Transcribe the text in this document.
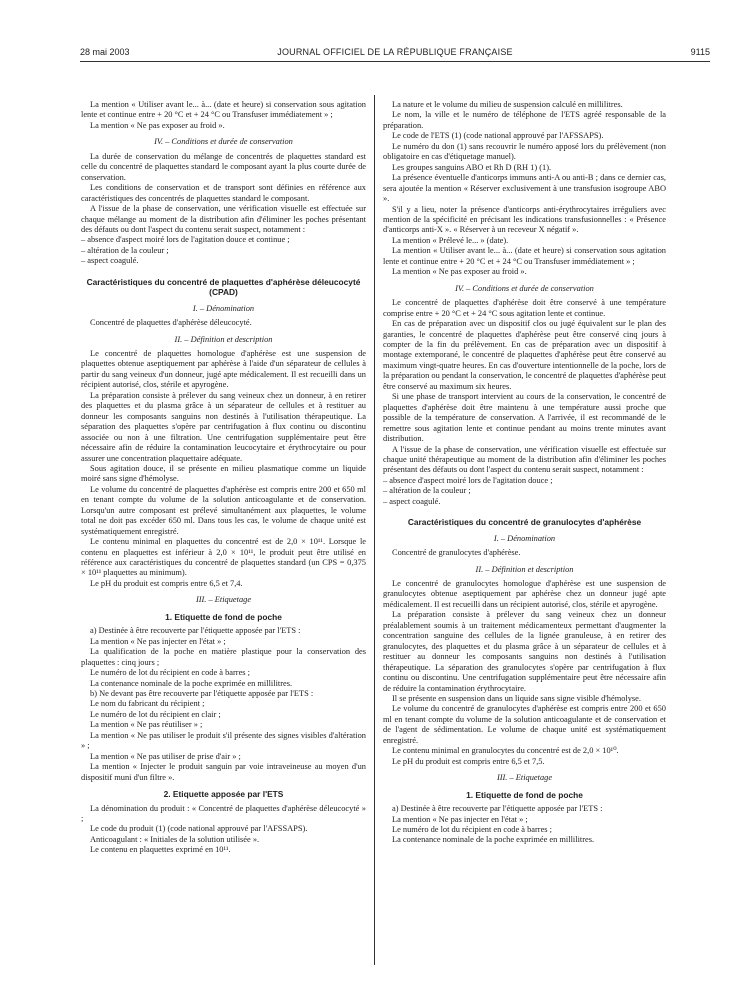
28 mai 2003	JOURNAL OFFICIEL DE LA RÉPUBLIQUE FRANÇAISE	9115

La mention « Utiliser avant le... à... (date et heure) si conservation sous agitation lente et continue entre + 20 °C et + 24 °C ou Transfuser immédiatement » ;

La mention « Ne pas exposer au froid ».

IV. – Conditions et durée de conservation

La durée de conservation du mélange de concentrés de plaquettes standard est celle du concentré de plaquettes standard le composant ayant la plus courte durée de conservation.

Les conditions de conservation et de transport sont définies en référence aux caractéristiques des concentrés de plaquettes standard le composant.

A l'issue de la phase de conservation, une vérification visuelle est effectuée sur chaque mélange au moment de la distribution afin d'éliminer les poches présentant des défauts ou dont l'aspect du contenu serait suspect, notamment :

– absence d'aspect moiré lors de l'agitation douce et continue ;

– altération de la couleur ;

– aspect coagulé.

Caractéristiques du concentré de plaquettes d'aphérèse déleucocyté (CPAD)
I. – Dénomination

Concentré de plaquettes d'aphérèse déleucocyté.

II. – Définition et description

Le concentré de plaquettes homologue d'aphérèse est une suspension de plaquettes obtenue aseptiquement par aphérèse à l'aide d'un séparateur de cellules à partir du sang veineux d'un donneur, jugé apte médicalement. Il est recueilli dans un récipient autorisé, clos, stérile et apyrogène.

La préparation consiste à prélever du sang veineux chez un donneur, à en retirer des plaquettes et du plasma grâce à un séparateur de cellules et à restituer au donneur les composants sanguins non destinés à l'utilisation thérapeutique. La séparation des plaquettes s'opère par centrifugation à flux continu ou discontinu associée ou non à une filtration. Une centrifugation supplémentaire peut être nécessaire afin de réduire la contamination leucocytaire et érythrocytaire ou pour assurer une concentration plaquettaire adéquate.

Sous agitation douce, il se présente en milieu plasmatique comme un liquide moiré sans signe d'hémolyse.

Le volume du concentré de plaquettes d'aphérèse est compris entre 200 et 650 ml en tenant compte du volume de la solution anticoagulante et de conservation. Lorsqu'un autre composant est prélevé simultanément aux plaquettes, le volume total ne doit pas excéder 650 ml. Dans tous les cas, le volume de chaque unité est systématiquement enregistré.

Le contenu minimal en plaquettes du concentré est de 2,0 × 10¹¹. Lorsque le contenu en plaquettes est inférieur à 2,0 × 10¹¹, le produit peut être utilisé en référence aux caractéristiques du concentré de plaquettes standard (un CPS = 0,375 × 10¹¹ plaquettes au minimum).

Le pH du produit est compris entre 6,5 et 7,4.

III. – Etiquetage
1. Etiquette de fond de poche

a) Destinée à être recouverte par l'étiquette apposée par l'ETS :

La mention « Ne pas injecter en l'état » ;

La qualification de la poche en matière plastique pour la conservation des plaquettes : cinq jours ;

Le numéro de lot du récipient en code à barres ;

La contenance nominale de la poche exprimée en millilitres.

b) Ne devant pas être recouverte par l'étiquette apposée par l'ETS :

Le nom du fabricant du récipient ;

Le numéro de lot du récipient en clair ;

La mention « Ne pas réutiliser » ;

La mention « Ne pas utiliser le produit s'il présente des signes visibles d'altération » ;

La mention « Ne pas utiliser de prise d'air » ;

La mention « Injecter le produit sanguin par voie intraveineuse au moyen d'un dispositif muni d'un filtre ».

2. Etiquette apposée par l'ETS

La dénomination du produit : « Concentré de plaquettes d'aphérèse déleucocyté » ;

Le code du produit (1) (code national approuvé par l'AFSSAPS).

Anticoagulant : « Initiales de la solution utilisée ».

Le contenu en plaquettes exprimé en 10¹¹.

La nature et le volume du milieu de suspension calculé en millilitres.

Le nom, la ville et le numéro de téléphone de l'ETS agréé responsable de la préparation.

Le code de l'ETS (1) (code national approuvé par l'AFSSAPS).

Le numéro du don (1) sans recouvrir le numéro apposé lors du prélèvement (non obligatoire en cas d'étiquetage manuel).

Les groupes sanguins ABO et Rh D (RH 1) (1).

La présence éventuelle d'anticorps immuns anti-A ou anti-B ; dans ce dernier cas, sera ajoutée la mention « Réserver exclusivement à une transfusion isogroupe ABO ».

S'il y a lieu, noter la présence d'anticorps anti-érythrocytaires irréguliers avec mention de la spécificité en précisant les indications transfusionnelles : « Présence d'anticorps anti-X ». « Réserver à un receveur X négatif ».

La mention « Prélevé le... » (date).

La mention « Utiliser avant le... à... (date et heure) si conservation sous agitation lente et continue entre + 20 °C et + 24 °C ou Transfuser immédiatement » ;

La mention « Ne pas exposer au froid ».

IV. – Conditions et durée de conservation

Le concentré de plaquettes d'aphérèse doit être conservé à une température comprise entre + 20 °C et + 24 °C sous agitation lente et continue.

En cas de préparation avec un dispositif clos ou jugé équivalent sur le plan des garanties, le concentré de plaquettes d'aphérèse peut être conservé cinq jours à compter de la fin du prélèvement. En cas de préparation avec un dispositif à montage extemporané, le concentré de plaquettes d'aphérèse peut être conservé au maximum vingt-quatre heures. En cas d'ouverture intentionnelle de la poche, lors de la préparation ou pendant la conservation, le concentré de plaquettes d'aphérèse peut être conservé au maximum six heures.

Si une phase de transport intervient au cours de la conservation, le concentré de plaquettes d'aphérèse doit être maintenu à une température aussi proche que possible de la température de conservation. A l'arrivée, il est recommandé de le remettre sous agitation lente et continue pendant au moins trente minutes avant distribution.

A l'issue de la phase de conservation, une vérification visuelle est effectuée sur chaque unité thérapeutique au moment de la distribution afin d'éliminer les poches présentant des défauts ou dont l'aspect du contenu serait suspect, notamment :

– absence d'aspect moiré lors de l'agitation douce ;

– altération de la couleur ;

– aspect coagulé.

Caractéristiques du concentré de granulocytes d'aphérèse
I. – Dénomination

Concentré de granulocytes d'aphérèse.

II. – Définition et description

Le concentré de granulocytes homologue d'aphérèse est une suspension de granulocytes obtenue aseptiquement par aphérèse chez un donneur jugé apte médicalement. Il est recueilli dans un récipient autorisé, clos, stérile et apyrogène.

La préparation consiste à prélever du sang veineux chez un donneur préalablement soumis à un traitement médicamenteux permettant d'augmenter la concentration sanguine des cellules de la lignée granuleuse, à en retirer des granulocytes, des plaquettes et du plasma grâce à un séparateur de cellules et à restituer au donneur les composants sanguins non destinés à l'utilisation thérapeutique. La séparation des granulocytes s'opère par centrifugation à flux continu ou discontinu. Une centrifugation supplémentaire peut être nécessaire afin de réduire la contamination érythrocytaire.

Il se présente en suspension dans un liquide sans signe visible d'hémolyse.

Le volume du concentré de granulocytes d'aphérèse est compris entre 200 et 650 ml en tenant compte du volume de la solution anticoagulante et de conservation et de l'agent de sédimentation. Le volume de chaque unité est systématiquement enregistré.

Le contenu minimal en granulocytes du concentré est de 2,0 × 10¹⁰.

Le pH du produit est compris entre 6,5 et 7,5.

III. – Etiquetage
1. Etiquette de fond de poche

a) Destinée à être recouverte par l'étiquette apposée par l'ETS :

La mention « Ne pas injecter en l'état » ;

Le numéro de lot du récipient en code à barres ;

La contenance nominale de la poche exprimée en millilitres.
